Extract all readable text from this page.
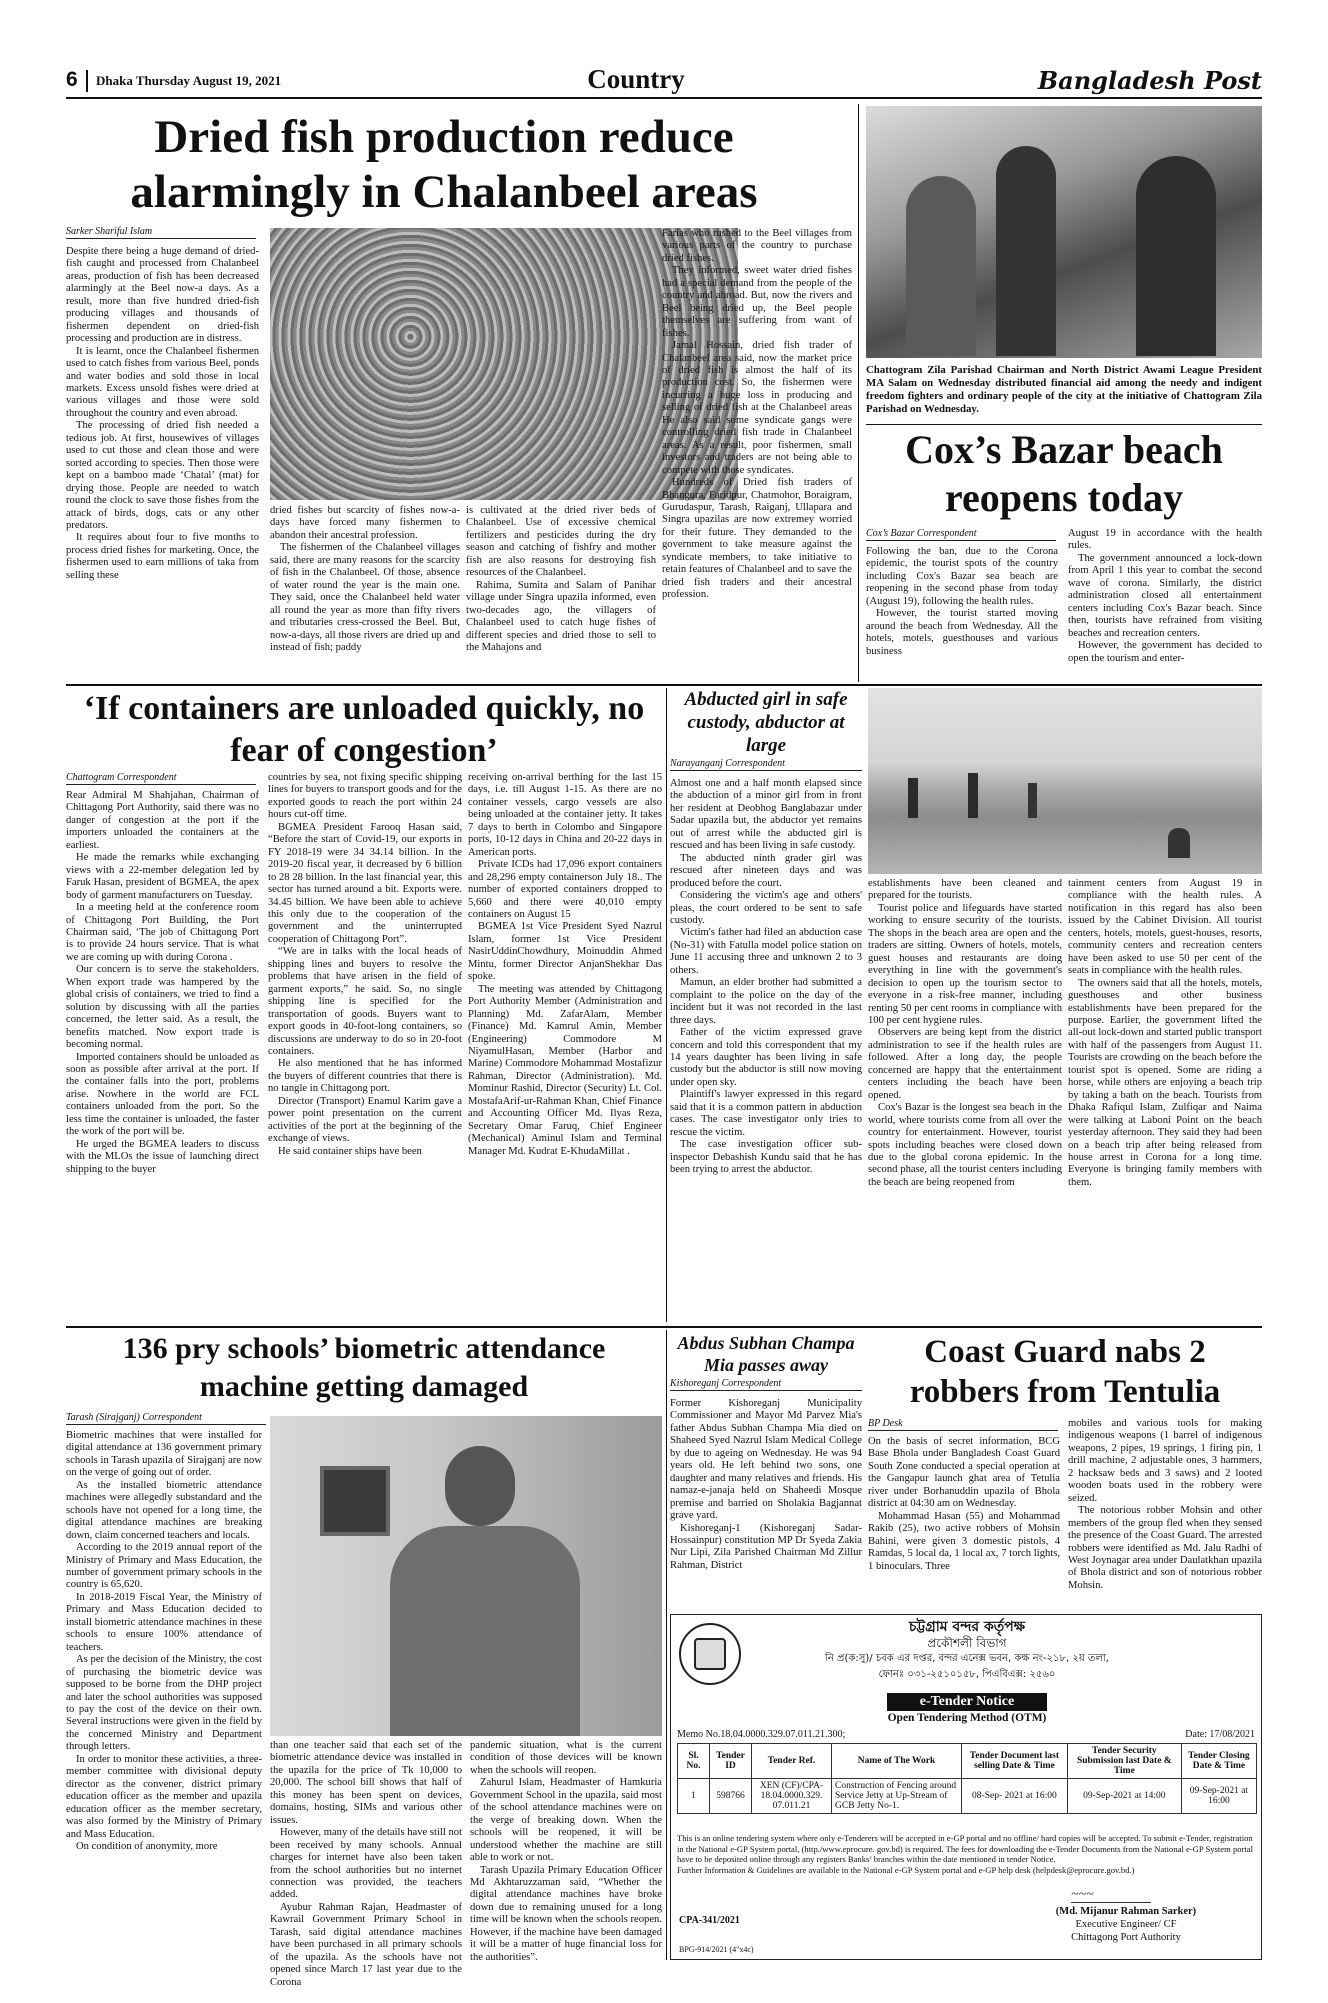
6 Dhaka Thursday August 19, 2021	Country	Bangladesh Post
Dried fish production reduce alarmingly in Chalanbeel areas
Sarker Shariful Islam

Despite there being a huge demand of dried-fish caught and processed from Chalanbeel areas, production of fish has been decreased alarmingly at the Beel now-a days. As a result, more than five hundred dried-fish producing villages and thousands of fishermen dependent on dried-fish processing and production are in distress.

It is learnt, once the Chalanbeel fishermen used to catch fishes from various Beel, ponds and water bodies and sold those in local markets. Excess unsold fishes were dried at various villages and those were sold throughout the country and even abroad.

The processing of dried fish needed a tedious job. At first, housewives of villages used to cut those and clean those and were sorted according to species. Then those were kept on a bamboo made ‘Chatal’ (mat) for drying those. People are needed to watch round the clock to save those fishes from the attack of birds, dogs, cats or any other predators.

It requires about four to five months to process dried fishes for marketing. Once, the fishermen used to earn millions of taka from selling these

dried fishes but scarcity of fishes now-a-days have forced many fishermen to abandon their ancestral profession.

The fishermen of the Chalanbeel villages said, there are many reasons for the scarcity of fish in the Chalanbeel. Of those, absence of water round the year is the main one. They said, once the Chalanbeel held water all round the year as more than fifty rivers and tributaries cress-crossed the Beel. But, now-a-days, all those rivers are dried up and instead of fish; paddy

is cultivated at the dried river beds of Chalanbeel. Use of excessive chemical fertilizers and pesticides during the dry season and catching of fishfry and mother fish are also reasons for destroying fish resources of the Chalanbeel.

Rahima, Sumita and Salam of Panihar village under Singra upazila informed, even two-decades ago, the villagers of Chalanbeel used to catch huge fishes of different species and dried those to sell to the Mahajons and

Farias who rushed to the Beel villages from various parts of the country to purchase dried fishes.

They informed, sweet water dried fishes had a special demand from the people of the country and abroad. But, now the rivers and Beel being dried up, the Beel people themselves are suffering from want of fishes.

Jamal Hossain, dried fish trader of Chalanbeel area said, now the market price of dried fish is almost the half of its production cost. So, the fishermen were incurring a huge loss in producing and selling of dried fish at the Chalanbeel areas He also said some syndicate gangs were controlling dried fish trade in Chalanbeel areas. As a result, poor fishermen, small investors and traders are not being able to compete with those syndicates.

Hundreds of Dried fish traders of Bhangura, Faridpur, Chatmohor, Boraigram, Gurudaspur, Tarash, Raiganj, Ullapara and Singra upazilas are now extremey worried for their future. They demanded to the government to take measure against the syndicate members, to take initiative to retain features of Chalanbeel and to save the dried fish traders and their ancestral profession.

Chattogram Zila Parishad Chairman and North District Awami League President MA Salam on Wednesday distributed financial aid among the needy and indigent freedom fighters and ordinary people of the city at the initiative of Chattogram Zila Parishad on Wednesday.
Cox’s Bazar beach reopens today
Cox’s Bazar Correspondent

Following the ban, due to the Corona epidemic, the tourist spots of the country including Cox's Bazar sea beach are reopening in the second phase from today (August 19), following the health rules.

However, the tourist started moving around the beach from Wednesday. All the hotels, motels, guesthouses and various business

August 19 in accordance with the health rules.

The government announced a lock-down from April 1 this year to combat the second wave of corona. Similarly, the district administration closed all entertainment centers including Cox's Bazar beach. Since then, tourists have refrained from visiting beaches and recreation centers.

However, the government has decided to open the tourism and enter-

‘If containers are unloaded quickly, no fear of congestion’
Chattogram Correspondent

Rear Admiral M Shahjahan, Chairman of Chittagong Port Authority, said there was no danger of congestion at the port if the importers unloaded the containers at the earliest.

He made the remarks while exchanging views with a 22-member delegation led by Faruk Hasan, president of BGMEA, the apex body of garment manufacturers on Tuesday.

In a meeting held at the conference room of Chittagong Port Building, the Port Chairman said, ‘The job of Chittagong Port is to provide 24 hours service. That is what we are coming up with during Corona .

Our concern is to serve the stakeholders. When export trade was hampered by the global crisis of containers, we tried to find a solution by discussing with all the parties concerned, the letter said. As a result, the benefits matched. Now export trade is becoming normal.

Imported containers should be unloaded as soon as possible after arrival at the port. If the container falls into the port, problems arise. Nowhere in the world are FCL containers unloaded from the port. So the less time the container is unloaded, the faster the work of the port will be.

He urged the BGMEA leaders to discuss with the MLOs the issue of launching direct shipping to the buyer

countries by sea, not fixing specific shipping lines for buyers to transport goods and for the exported goods to reach the port within 24 hours cut-off time.

BGMEA President Farooq Hasan said, “Before the start of Covid-19, our exports in FY 2018-19 were 34 34.14 billion. In the 2019-20 fiscal year, it decreased by 6 billion to 28 28 billion. In the last financial year, this sector has turned around a bit. Exports were. 34.45 billion. We have been able to achieve this only due to the cooperation of the government and the uninterrupted cooperation of Chittagong Port”.

“We are in talks with the local heads of shipping lines and buyers to resolve the problems that have arisen in the field of garment exports,” he said. So, no single shipping line is specified for the transportation of goods. Buyers want to export goods in 40-foot-long containers, so discussions are underway to do so in 20-foot containers.

He also mentioned that he has informed the buyers of different countries that there is no tangle in Chittagong port.

Director (Transport) Enamul Karim gave a power point presentation on the current activities of the port at the beginning of the exchange of views.

He said container ships have been

receiving on-arrival berthing for the last 15 days, i.e. till August 1-15. As there are no container vessels, cargo vessels are also being unloaded at the container jetty. It takes 7 days to berth in Colombo and Singapore ports, 10-12 days in China and 20-22 days in American ports.

Private ICDs had 17,096 export containers and 28,296 empty containerson July 18.. The number of exported containers dropped to 5,660 and there were 40,010 empty containers on August 15

BGMEA 1st Vice President Syed Nazrul Islam, former 1st Vice President NasirUddinChowdhury, Moinuddin Ahmed Mintu, former Director AnjanShekhar Das spoke.

The meeting was attended by Chittagong Port Authority Member (Administration and Planning) Md. ZafarAlam, Member (Finance) Md. Kamrul Amin, Member (Engineering) Commodore M NiyamulHasan, Member (Harbor and Marine) Commodore Mohammad Mostafizur Rahman, Director (Administration). Md. Mominur Rashid, Director (Security) Lt. Col. MostafaArif-ur-Rahman Khan, Chief Finance and Accounting Officer Md. Ilyas Reza, Secretary Omar Faruq, Chief Engineer (Mechanical) Aminul Islam and Terminal Manager Md. Kudrat E-KhudaMillat .

Abducted girl in safe custody, abductor at large
Narayanganj Correspondent

Almost one and a half month elapsed since the abduction of a minor girl from in front her resident at Deobhog Banglabazar under Sadar upazila but, the abductor yet remains out of arrest while the abducted girl is rescued and has been living in safe custody.

The abducted ninth grader girl was rescued after nineteen days and was produced before the court.

Considering the victim's age and others' pleas, the court ordered to be sent to safe custody.

Victim's father had filed an abduction case (No-31) with Fatulla model police station on June 11 accusing three and unknown 2 to 3 others.

Mamun, an elder brother had submitted a complaint to the police on the day of the incident but it was not recorded in the last three days.

Father of the victim expressed grave concern and told this correspondent that my 14 years daughter has been living in safe custody but the abductor is still now moving under open sky.

Plaintiff's lawyer expressed in this regard said that it is a common pattern in abduction cases. The case investigator only tries to rescue the victim.

The case investigation officer sub-inspector Debashish Kundu said that he has been trying to arrest the abductor.

establishments have been cleaned and prepared for the tourists.

Tourist police and lifeguards have started working to ensure security of the tourists. The shops in the beach area are open and the traders are sitting. Owners of hotels, motels, guest houses and restaurants are doing everything in line with the government's decision to open up the tourism sector to everyone in a risk-free manner, including renting 50 per cent rooms in compliance with 100 per cent hygiene rules.

Observers are being kept from the district administration to see if the health rules are followed. After a long day, the people concerned are happy that the entertainment centers including the beach have been opened.

Cox's Bazar is the longest sea beach in the world, where tourists come from all over the country for entertainment. However, tourist spots including beaches were closed down due to the global corona epidemic. In the second phase, all the tourist centers including the beach are being reopened from

tainment centers from August 19 in compliance with the health rules. A notification in this regard has also been issued by the Cabinet Division. All tourist centers, hotels, motels, guest-houses, resorts, community centers and recreation centers have been asked to use 50 per cent of the seats in compliance with the health rules.

The owners said that all the hotels, motels, guesthouses and other business establishments have been prepared for the purpose. Earlier, the government lifted the all-out lock-down and started public transport with half of the passengers from August 11. Tourists are crowding on the beach before the tourist spot is opened. Some are riding a horse, while others are enjoying a beach trip by taking a bath on the beach. Tourists from Dhaka Rafiqul Islam, Zulfiqar and Naima were talking at Laboni Point on the beach yesterday afternoon. They said they had been on a beach trip after being released from house arrest in Corona for a long time. Everyone is bringing family members with them.

136 pry schools’ biometric attendance machine getting damaged
Tarash (Sirajganj) Correspondent

Biometric machines that were installed for digital attendance at 136 government primary schools in Tarash upazila of Sirajganj are now on the verge of going out of order.

As the installed biometric attendance machines were allegedly substandard and the schools have not opened for a long time, the digital attendance machines are breaking down, claim concerned teachers and locals.

According to the 2019 annual report of the Ministry of Primary and Mass Education, the number of government primary schools in the country is 65,620.

In 2018-2019 Fiscal Year, the Ministry of Primary and Mass Education decided to install biometric attendance machines in these schools to ensure 100% attendance of teachers.

As per the decision of the Ministry, the cost of purchasing the biometric device was supposed to be borne from the DHP project and later the school authorities was supposed to pay the cost of the device on their own. Several instructions were given in the field by the concerned Ministry and Department through letters.

In order to monitor these activities, a three-member committee with divisional deputy director as the convener, district primary education officer as the member and upazila education officer as the member secretary, was also formed by the Ministry of Primary and Mass Education.

On condition of anonymity, more

than one teacher said that each set of the biometric attendance device was installed in the upazila for the price of Tk 10,000 to 20,000. The school bill shows that half of this money has been spent on devices, domains, hosting, SIMs and various other issues.

However, many of the details have still not been received by many schools. Annual charges for internet have also been taken from the school authorities but no internet connection was provided, the teachers added.

Ayubur Rahman Rajan, Headmaster of Kawrail Government Primary School in Tarash, said digital attendance machines have been purchased in all primary schools of the upazila. As the schools have not opened since March 17 last year due to the Corona

pandemic situation, what is the current condition of those devices will be known when the schools will reopen.

Zahurul Islam, Headmaster of Hamkuria Government School in the upazila, said most of the school attendance machines were on the verge of breaking down. When the schools will be reopened, it will be understood whether the machine are still able to work or not.

Tarash Upazila Primary Education Officer Md Akhtaruzzaman said, “Whether the digital attendance machines have broke down due to remaining unused for a long time will be known when the schools reopen. However, if the machine have been damaged it will be a matter of huge financial loss for the authorities”.

Abdus Subhan Champa Mia passes away
Kishoreganj Correspondent

Former Kishoreganj Municipality Commissioner and Mayor Md Parvez Mia's father Abdus Subhan Champa Mia died on Shaheed Syed Nazrul Islam Medical College by due to ageing on Wednesday. He was 94 years old. He left behind two sons, one daughter and many relatives and friends. His namaz-e-janaja held on Shaheedi Mosque premise and barried on Sholakia Bagjannat grave yard.

Kishoreganj-1 (Kishoreganj Sadar-Hossainpur) constitution MP Dr Syeda Zakia Nur Lipi, Zila Parished Chairman Md Zillur Rahman, District

Coast Guard nabs 2 robbers from Tentulia
BP Desk

On the basis of secret information, BCG Base Bhola under Bangladesh Coast Guard South Zone conducted a special operation at the Gangapur launch ghat area of Tetulia river under Borhanuddin upazila of Bhola district at 04:30 am on Wednesday.

Mohammad Hasan (55) and Mohammad Rakib (25), two active robbers of Mohsin Bahini, were given 3 domestic pistols, 4 Ramdas, 5 local da, 1 local ax, 7 torch lights, 1 binoculars. Three

mobiles and various tools for making indigenous weapons (1 barrel of indigenous weapons, 2 pipes, 19 springs, 1 firing pin, 1 drill machine, 2 adjustable ones, 3 hammers, 2 hacksaw beds and 3 saws) and 2 looted wooden boats used in the robbery were seized.

The notorious robber Mohsin and other members of the group fled when they sensed the presence of the Coast Guard. The arrested robbers were identified as Md. Jalu Radhi of West Joynagar area under Daulatkhan upazila of Bhola district and son of notorious robber Mohsin.

চট্টগ্রাম বন্দর কর্তৃপক্ষ
প্রকৌশলী বিভাগ
নি প্র(ক:সু)/ চবক এর দপ্তর, বন্দর এনেক্স ভবন, কক্ষ নং-২১৮, ২য় তলা,
ফোনঃ ০৩১-২৫১০১৫৮, পিএবিএক্স: ২৫৬০
e-Tender Notice
Open Tendering Method (OTM)
Memo No.18.04.0000.329.07.011.21.300;	Date: 17/08/2021
Sl. No.	Tender ID	Tender Ref.	Name of The Work	Tender Document last selling Date & Time	Tender Security Submission last Date & Time	Tender Closing Date & Time
1	598766	XEN (CF)/CPA-18.04.0000.329. 07.011.21	Construction of Fencing around Service Jetty at Up-Stream of GCB Jetty No-1.	08-Sep- 2021 at 16:00	09-Sep-2021 at 14:00	09-Sep-2021 at 16:00

This is an online tendering system where only e-Tenderers will be accepted in e-GP portal and no offline/ hard copies will be accepted. To submit e-Tender, registration in the National e-GP System portal, (http./www.eprocure. gov.bd) is required. The fees for downloading the e-Tender Documents from the National e-GP System portal have to be deposited online through any registers Banks’ branches within the date mentioned in tender Notice.

Further Information & Guidelines are available in the National e-GP System portal and e-GP help desk (helpdesk@eprocure.gov.bd.)

~~~
(Md. Mijanur Rahman Sarker)
Executive Engineer/ CF
Chittagong Port Authority
CPA-341/2021
BPG-914/2021 (4"x4c)
